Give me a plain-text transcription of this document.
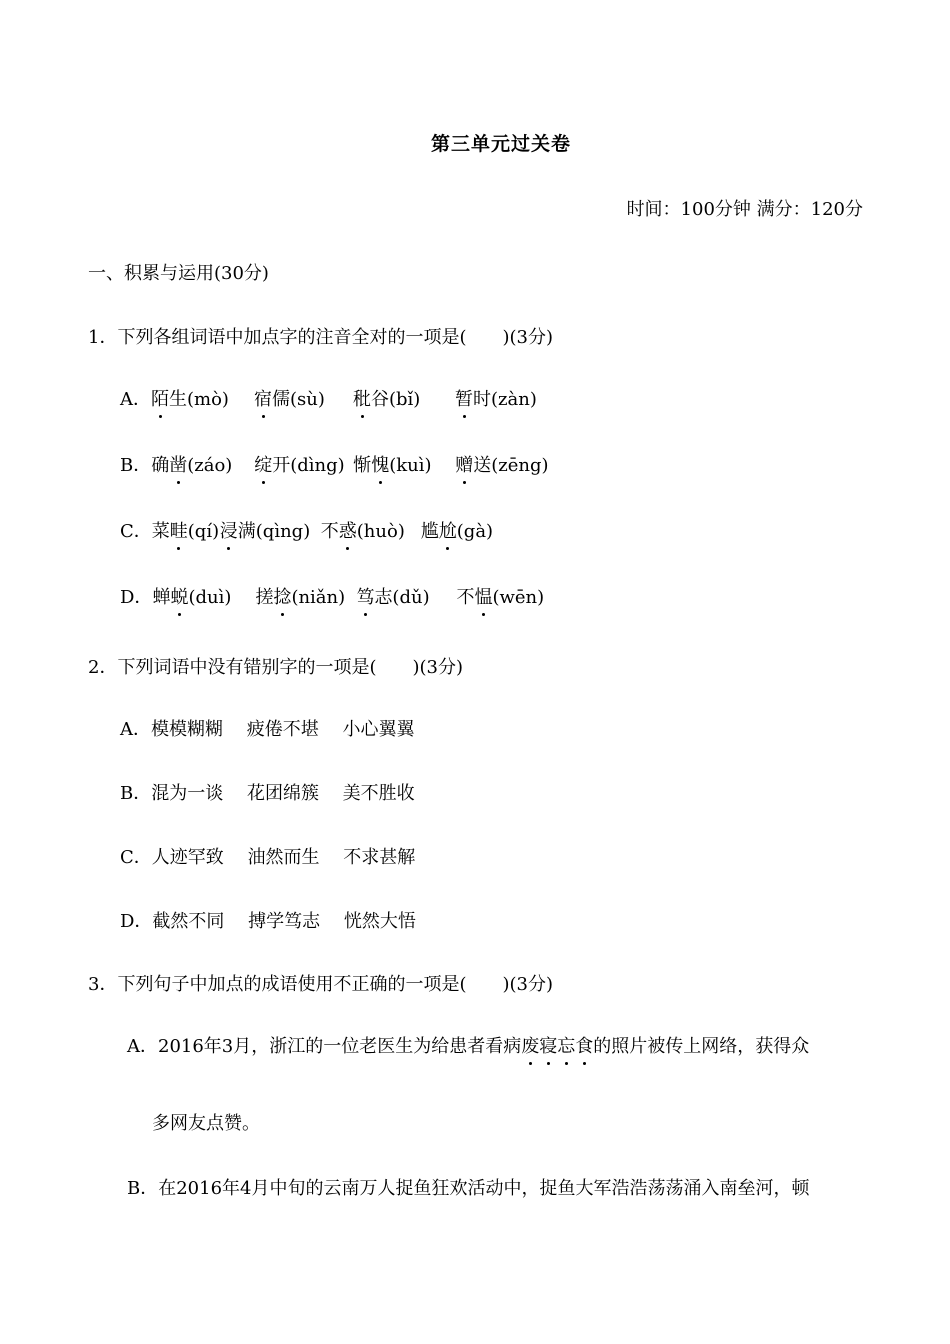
第三单元过关卷
时间：100分钟 满分：120分
一、积累与运用(30分)
1．下列各组词语中加点字的注音全对的一项是(　　)(3分)
A．陌生(mò) 宿儒(sù) 秕谷(bǐ) 暂时(zàn)
B．确凿(záo) 绽开(dìng) 惭愧(kuì) 赠送(zēng)
C．菜畦(qí)浸满(qìng) 不惑(huò) 尴尬(gà)
D．蝉蜕(duì) 搓捻(niǎn) 笃志(dǔ) 不愠(wēn)
2．下列词语中没有错别字的一项是(　　)(3分)
A．模模糊糊　 疲倦不堪　 小心翼翼
B．混为一谈　 花团绵簇　 美不胜收
C．人迹罕致　 油然而生　 不求甚解
D．截然不同　 搏学笃志　 恍然大悟
3．下列句子中加点的成语使用不正确的一项是(　　)(3分)
A．2016年3月，浙江的一位老医生为给患者看病废寝忘食的照片被传上网络，获得众
多网友点赞。
B．在2016年4月中旬的云南万人捉鱼狂欢活动中，捉鱼大军浩浩荡荡涌入南垒河，顿
